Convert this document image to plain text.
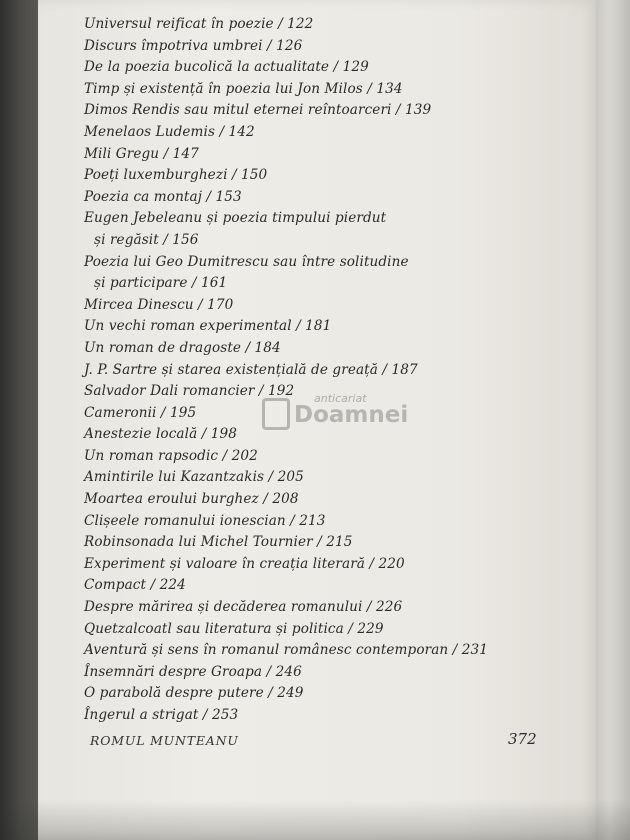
Universul reificat în poezie / 122
Discurs împotriva umbrei / 126
De la poezia bucolică la actualitate / 129
Timp și existență în poezia lui Jon Milos / 134
Dimos Rendis sau mitul eternei reîntoarceri / 139
Menelaos Ludemis / 142
Mili Gregu / 147
Poeți luxemburghezi / 150
Poezia ca montaj / 153
Eugen Jebeleanu și poezia timpului pierdut
și regăsit / 156
Poezia lui Geo Dumitrescu sau între solitudine
și participare / 161
Mircea Dinescu / 170
Un vechi roman experimental / 181
Un roman de dragoste / 184
J. P. Sartre și starea existențială de greață / 187
Salvador Dali romancier / 192
Cameronii / 195
Anestezie locală / 198
Un roman rapsodic / 202
Amintirile lui Kazantzakis / 205
Moartea eroului burghez / 208
Clișeele romanului ionescian / 213
Robinsonada lui Michel Tournier / 215
Experiment și valoare în creația literară / 220
Compact / 224
Despre mărirea și decăderea romanului / 226
Quetzalcoatl sau literatura și politica / 229
Aventură și sens în romanul românesc contemporan / 231
Însemnări despre Groapa / 246
O parabolă despre putere / 249
Îngerul a strigat / 253
anticariat
Doamnei
ROMUL MUNTEANU	372
